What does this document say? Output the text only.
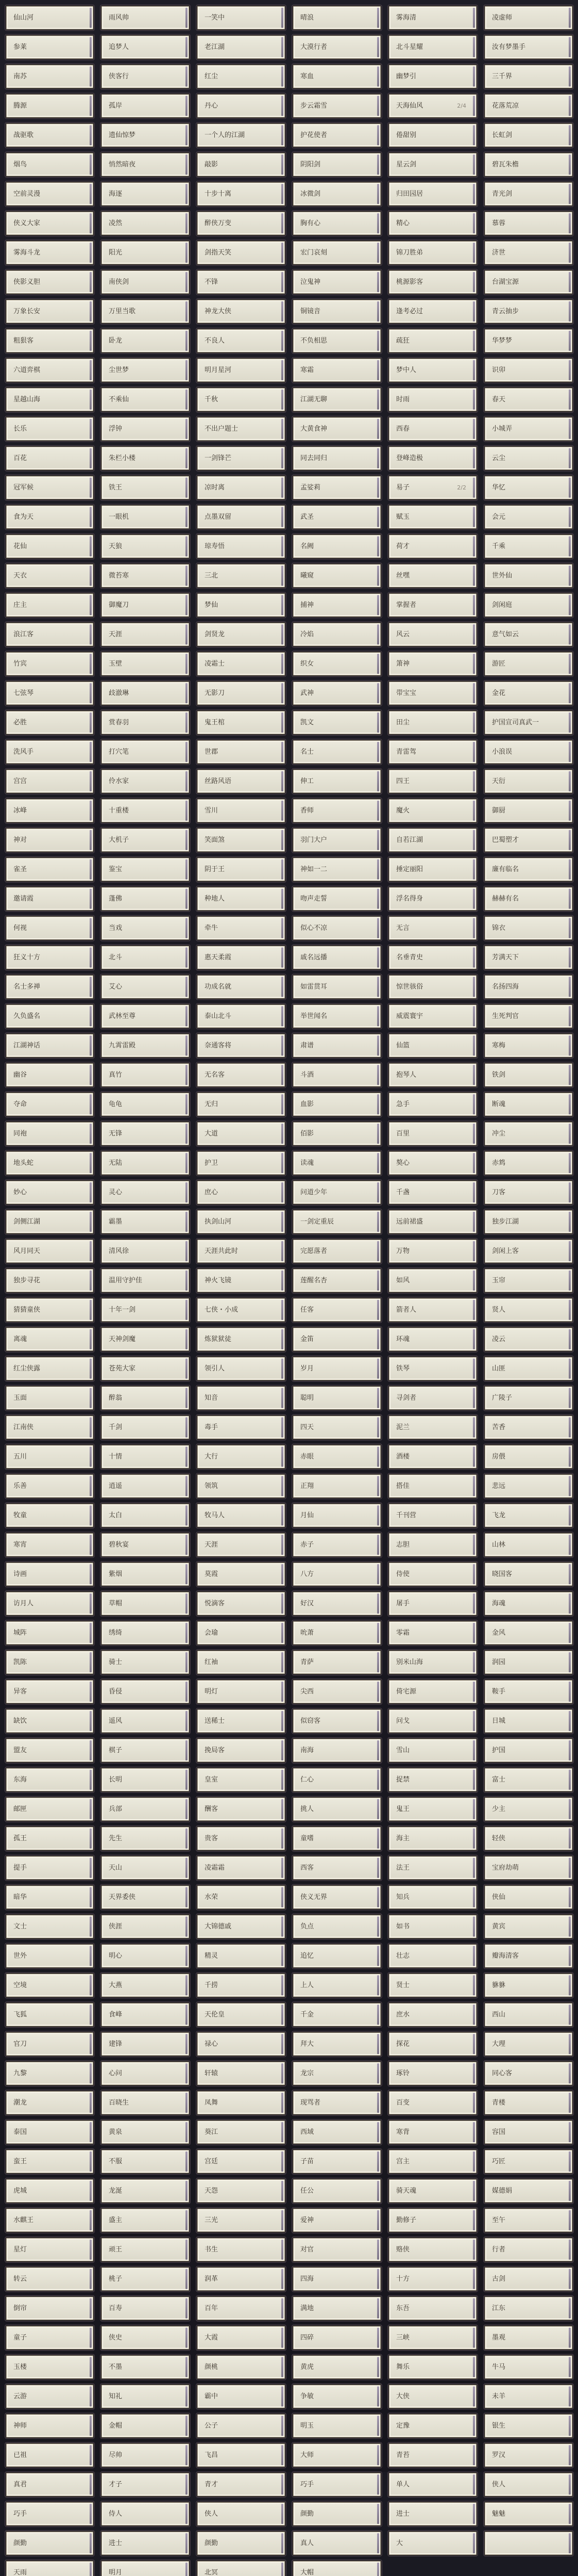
仙山河	雨风帅	一笑中	晴浪	雾海清	凌虚师
参莱	追梦人	老江湖	大漠行者	北斗星耀	汝有梦墨手
南苏	侠客行	红尘	寒血	幽梦引	三千界
腾源	孤岸	丹心	步云霜雪	天海仙风	2/4	花落荒凉
战驱歌	遗仙惊梦	一个人的江湖	护花使者	倦甜别	长虹剑
烟鸟	悄然暗夜	敲影	阴阳剑	星云剑	碧瓦朱檐
空前灵漫	海逐	十步十离	冰微剑	归田园居	青光剑
侠义大家	凌然	醉侠万变	胸有心	精心	慕蓉
雾海斗龙	阳光	剑指天笑	宏门哀刻	锦刀胜弟	济世
侠影义胆	南侠剑	不锋	泣鬼神	桃源影客	台湖宝源
万象长安	万里当歌	神龙大侠	铜镜音	逢考必过	青云抽步
粗狠客	卧龙	不良人	不负相思	疏狂	华梦梦
六道弈棋	尘世梦	明月星河	寒霜	梦中人	识卯
星越山海	不乘仙	千秋	江湖无聊	时雨	春天
长乐	浮钟	不出户题士	大黄食神	西春	小城弄
百花	朱栏小楼	一剑锋芒	同去同归	登峰造极	云尘
冠军候	铁王	凉时离	孟娑莉	易子	2/2	华忆
食为天	一眼机	点墨双留	武圣	赋玉	会元
花仙	天狼	琼寿悟	名阙	荷才	千乘
天衣	微苔寒	三北	曦窥	丝嘿	世外仙
庄主	御魔刀	梦仙	捕神	掌握者	剑闲庭
浪江客	天涯	剑贤龙	冷焰	风云	意气如云
竹宾	玉壁	凌霜士	织女	箫神	游匠
七弦琴	歧澈琳	无影刀	武神	带宝宝	金花
必胜	赏春羽	鬼王棺	凯文	田尘	护国宣司真武一
洗风手	打穴笔	世郡	名士	青雷驾	小浪误
宫宫	伶水家	丝路风语	伸工	四王	天衍
冰峰	十重楼	雪川	香师	魔火	御厨
神对	大机子	笑面煞	羽门大户	自若江湖	巴蜀塑才
雀圣	鉴宝	阴于王	神如一二	捶定丽阳	廉有临名
邀请霞	蓬佛	种地人	吻声走誓	浮名得身	赫赫有名
何视	当戏	牵牛	似心不凉	无言	锦衣
狂义十方	北斗	惠天柔霞	戚名远播	名垂青史	芳满天下
名士多禅	艾心	功成名就	如雷贯耳	惊世骇俗	名扬四海
久负盛名	武林至尊	泰山北斗	举世闻名	威震寰宇	生死判官
江湖神话	九霄雷殿	奈通客将	肃谱	仙篮	寒梅
幽谷	真竹	无名客	斗酒	抱琴人	铁剑
夺命	龟龟	无归	血影	急手	断魂
同袍	无锋	大道	佰影	百里	冲尘
地头蛇	无陆	护卫	读魂	獒心	赤鸩
妙心	灵心	庶心	问道少年	千盏	刀客
剑侧江湖	霸墨	执剑山河	一剑定重辰	远前裙盛	独步江湖
风月同天	清风徐	天涯共此时	完愿落者	万物	剑闲上客
独步寻花	温用守护佳	神火飞镜	莲醒名杏	如风	玉帘
猜猜童侠	十年一剑	七侠・小成	任客	箭者人	贤人
离魂	天神剑魔	炼狱狱徒	金笛	环魂	凌云
红尘侠露	苍苑大家	领引人	岁月	铁琴	山匪
玉面	醉翁	知音	聪明	寻剑者	广陵子
江南侠	千剑	毒手	四天	泥兰	苦香
五川	十情	大行	赤眼	酒楼	房偎
乐善	逍遥	领筑	正翔	搭佳	悲远
牧童	太白	牧马人	月仙	千刊营	飞龙
寒宵	碧秋宴	天涯	赤子	志胆	山林
诗画	紫烟	莫霞	八方	侍使	晓国客
访月人	草帽	悦滴客	好汉	屠手	海魂
城阵	绣绮	会瑜	吮萧	零霜	金风
凯陈	骑士	红袖	青萨	别米山海	润园
异客	昏侵	明灯	尖西	倚宅源	鞍手
缺饮	遥风	送稀士	似窃客	问戈	日城
盟友	棋子	挽局客	南海	雪山	护国
东海	长明	皇室	仁心	捉禁	富士
邮匣	兵部	酬客	挑人	鬼王	少主
孤王	先生	贵客	童嗜	海主	轻侠
提手	天山	凌霜霜	西客	法王	宝府劫萌
暗华	天界委侠	水荣	侠义无界	知兵	侠仙
文士	侠涯	大锦德戚	负点	如书	黄宾
世外	明心	精灵	追忆	壮志	瓣海清客
空境	大燕	千捞	上人	贤士	貅貅
飞狐	食峰	天伦皇	千金	庶水	西山
官刀	建锋	禄心	拜大	探花	大理
九黎	心问	轩辕	龙宗	琢铃	同心客
潮龙	百晓生	凤舞	现骂者	百变	青楼
泰国	黄泉	葵江	西域	寒背	容国
蛮王	不服	宫廷	子苗	宫主	巧匠
虎城	龙涎	天怨	任公	骑天魂	媒德娟
水麒王	盛主	三光	爱神	勤修子	至午
星灯	顽王	书生	对官	赂侠	行者
转云	桃子	润革	四海	十方	古剑
倒帘	百寿	百年	满地	东吾	江东
童子	侠史	大霞	四碎	三峡	墨观
玉楼	不墨	颜桃	黄虎	舞乐	牛马
云游	知礼	霸中	争敏	大侠	未羊
神师	金帽	公子	明玉	定豫	银生
已祖	尽帅	飞昌	大师	青苔	罗汉
真君	才子	青才	巧手	单人	侠人
巧手	侍人	侠人	颜勤	进士	魅魅
颜勤	进士	颜勤	真人	大
天雨	明月	北冥	大帽
